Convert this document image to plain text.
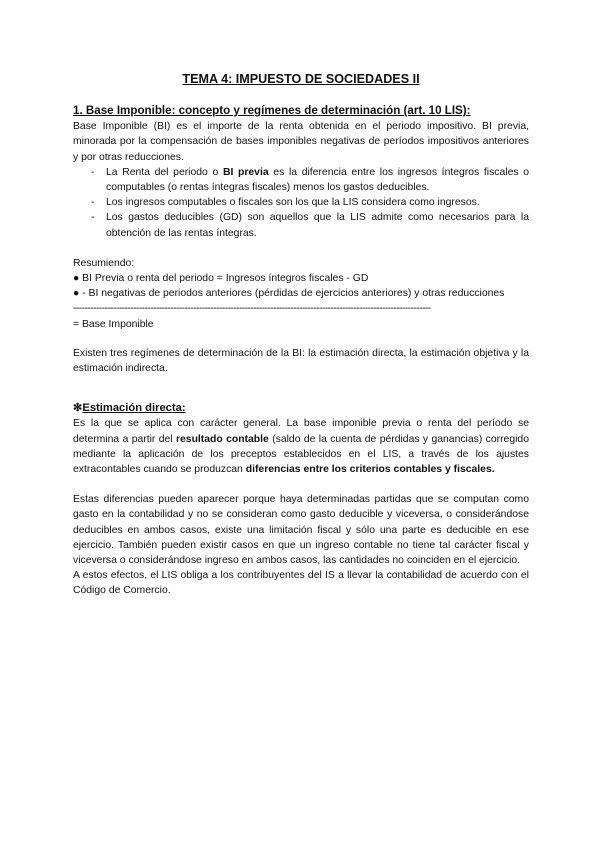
TEMA 4: IMPUESTO DE SOCIEDADES II
1. Base Imponible: concepto y regímenes de determinación (art. 10 LIS):

Base Imponible (BI) es el importe de la renta obtenida en el periodo impositivo. BI previa, minorada por la compensación de bases imponibles negativas de períodos impositivos anteriores y por otras reducciones.

- La Renta del periodo o BI previa es la diferencia entre los ingresos íntegros fiscales o computables (o rentas íntegras fiscales) menos los gastos deducibles.
- Los ingresos computables o fiscales son los que la LIS considera como ingresos.
- Los gastos deducibles (GD) son aquellos que la LIS admite como necesarios para la obtención de las rentas íntegras.

Resumiendo:

● BI Previa o renta del periodo = Ingresos íntegros fiscales - GD

● - BI negativas de periodos anteriores (pérdidas de ejercicios anteriores) y otras reducciones

-----------------------------------------------------------------------------------------------------------------------------

= Base Imponible

Existen tres regímenes de determinación de la BI: la estimación directa, la estimación objetiva y la estimación indirecta.

✼Estimación directa:

Es la que se aplica con carácter general. La base imponible previa o renta del período se determina a partir del resultado contable (saldo de la cuenta de pérdidas y ganancias) corregido mediante la aplicación de los preceptos establecidos en el LIS, a través de los ajustes extracontables cuando se produzcan diferencias entre los criterios contables y fiscales.

Estas diferencias pueden aparecer porque haya determinadas partidas que se computan como gasto en la contabilidad y no se consideran como gasto deducible y viceversa, o considerándose deducibles en ambos casos, existe una limitación fiscal y sólo una parte es deducible en ese ejercicio. También pueden existir casos en que un ingreso contable no tiene tal carácter fiscal y viceversa o considerándose ingreso en ambos casos, las cantidades no coinciden en el ejercicio.

A estos efectos, el LIS obliga a los contribuyentes del IS a llevar la contabilidad de acuerdo con el Código de Comercio.
